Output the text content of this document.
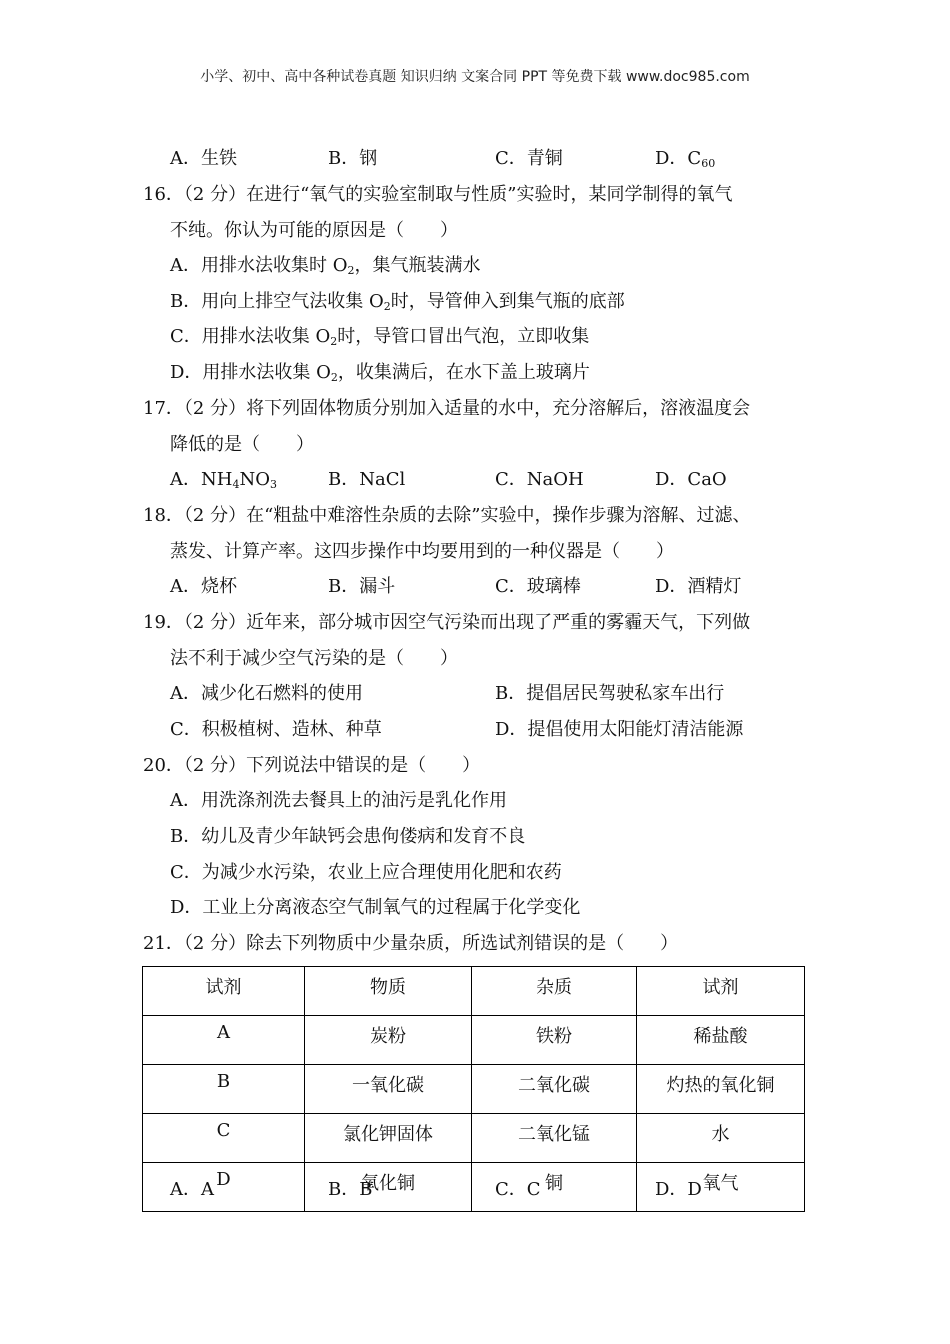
小学、初中、高中各种试卷真题 知识归纳 文案合同 PPT 等免费下载 www.doc985.com
A．生铁	B．钢	C．青铜	D．$C_{60}$
16．（2 分）在进行“氧气的实验室制取与性质”实验时，某同学制得的氧气
不纯。你认为可能的原因是（　　）
A．用排水法收集时 $O_2$，集气瓶装满水
B．用向上排空气法收集 $O_2$时，导管伸入到集气瓶的底部
C．用排水法收集 $O_2$时，导管口冒出气泡，立即收集
D．用排水法收集 $O_2$，收集满后，在水下盖上玻璃片
17．（2 分）将下列固体物质分别加入适量的水中，充分溶解后，溶液温度会
降低的是（　　）
A．$NH_4NO_3$	B．NaCl	C．NaOH	D．CaO
18．（2 分）在“粗盐中难溶性杂质的去除”实验中，操作步骤为溶解、过滤、
蒸发、计算产率。这四步操作中均要用到的一种仪器是（　　）
A．烧杯	B．漏斗	C．玻璃棒	D．酒精灯
19．（2 分）近年来，部分城市因空气污染而出现了严重的雾霾天气，下列做
法不利于减少空气污染的是（　　）
A．减少化石燃料的使用	B．提倡居民驾驶私家车出行
C．积极植树、造林、种草	D．提倡使用太阳能灯清洁能源
20．（2 分）下列说法中错误的是（　　）
A．用洗涤剂洗去餐具上的油污是乳化作用
B．幼儿及青少年缺钙会患佝偻病和发育不良
C．为减少水污染，农业上应合理使用化肥和农药
D．工业上分离液态空气制氧气的过程属于化学变化
21．（2 分）除去下列物质中少量杂质，所选试剂错误的是（　　）
试剂	物质	杂质	试剂
A	炭粉	铁粉	稀盐酸
B	一氧化碳	二氧化碳	灼热的氧化铜
C	氯化钾固体	二氧化锰	水
D	氧化铜	铜	氧气
A．A	B．B	C．C	D．D
